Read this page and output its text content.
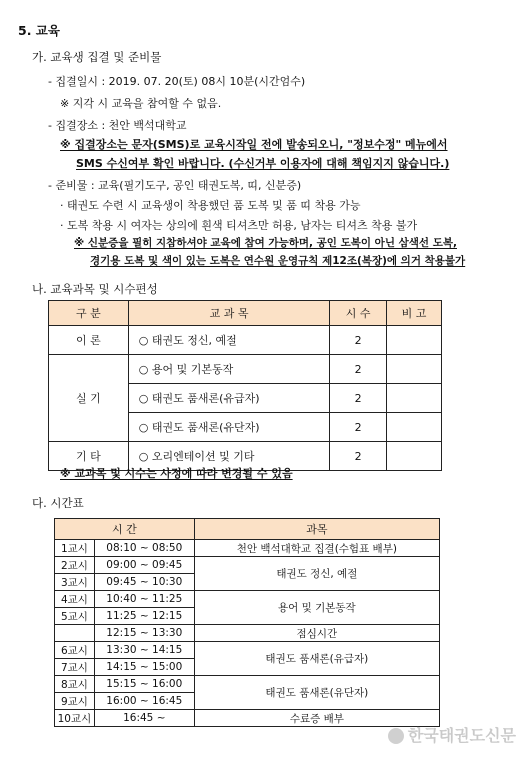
5. 교육
가. 교육생 집결 및 준비물
- 집결일시 : 2019. 07. 20(토) 08시 10분(시간엄수)
※ 지각 시 교육을 참여할 수 없음.
- 집결장소 : 천안 백석대학교
※ 집결장소는 문자(SMS)로 교육시작일 전에 발송되오니, "정보수정" 메뉴에서
SMS 수신여부 확인 바랍니다. (수신거부 이용자에 대해 책임지지 않습니다.)
- 준비물 : 교육(필기도구, 공인 태권도복, 띠, 신분증)
· 태권도 수련 시 교육생이 착용했던 품 도복 및 품 띠 착용 가능
· 도복 착용 시 여자는 상의에 흰색 티셔츠만 허용, 남자는 티셔츠 착용 불가
※ 신분증을 필히 지참하셔야 교육에 참여 가능하며, 공인 도복이 아닌 삼색선 도복,
경기용 도복 및 색이 있는 도복은 연수원 운영규칙 제12조(복장)에 의거 착용불가
나. 교육과목 및 시수편성
구 분	교 과 목	시 수	비 고
이 론	○ 태권도 정신, 예절	2	
실 기	○ 용어 및 기본동작	2	
	○ 태권도 품새론(유급자)	2	
	○ 태권도 품새론(유단자)	2	
기 타	○ 오리엔테이션 및 기타	2	
※ 교과목 및 시수는 사정에 따라 변경될 수 있음
다. 시간표
시 간		과목
1교시	08:10 ~ 08:50	천안 백석대학교 집결(수험표 배부)
2교시	09:00 ~ 09:45	태권도 정신, 예절
3교시	09:45 ~ 10:30	
4교시	10:40 ~ 11:25	용어 및 기본동작
5교시	11:25 ~ 12:15	
	12:15 ~ 13:30	점심시간
6교시	13:30 ~ 14:15	태권도 품새론(유급자)
7교시	14:15 ~ 15:00	
8교시	15:15 ~ 16:00	태권도 품새론(유단자)
9교시	16:00 ~ 16:45	
10교시	16:45 ~	수료증 배부
한국태권도신문
